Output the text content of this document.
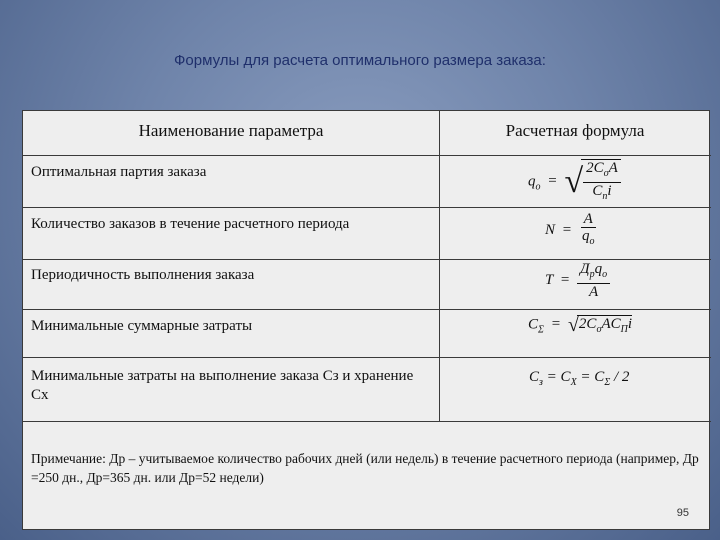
Формулы для расчета оптимального размера заказа:
Наименование параметра	Расчетная формула
Оптимальная партия заказа
Количество заказов в течение расчетного периода
Периодичность выполнения заказа
Минимальные суммарные затраты
Минимальные затраты на выполнение заказа Сз и хранение Сх
$q_о$ = √
$\frac{2C_оA}{C_пi}$
$N = \frac{A}{q_o}$
$T = \frac{Д_рq_o}{A}$
$C_\Sigma$ = √ $2C_оAC_Пi$
$C_з = C_X = C_\Sigma / 2$
Примечание: Др – учитываемое количество рабочих дней (или недель) в течение расчетного периода (например, Др =250 дн., Др=365 дн. или Др=52 недели)
95
